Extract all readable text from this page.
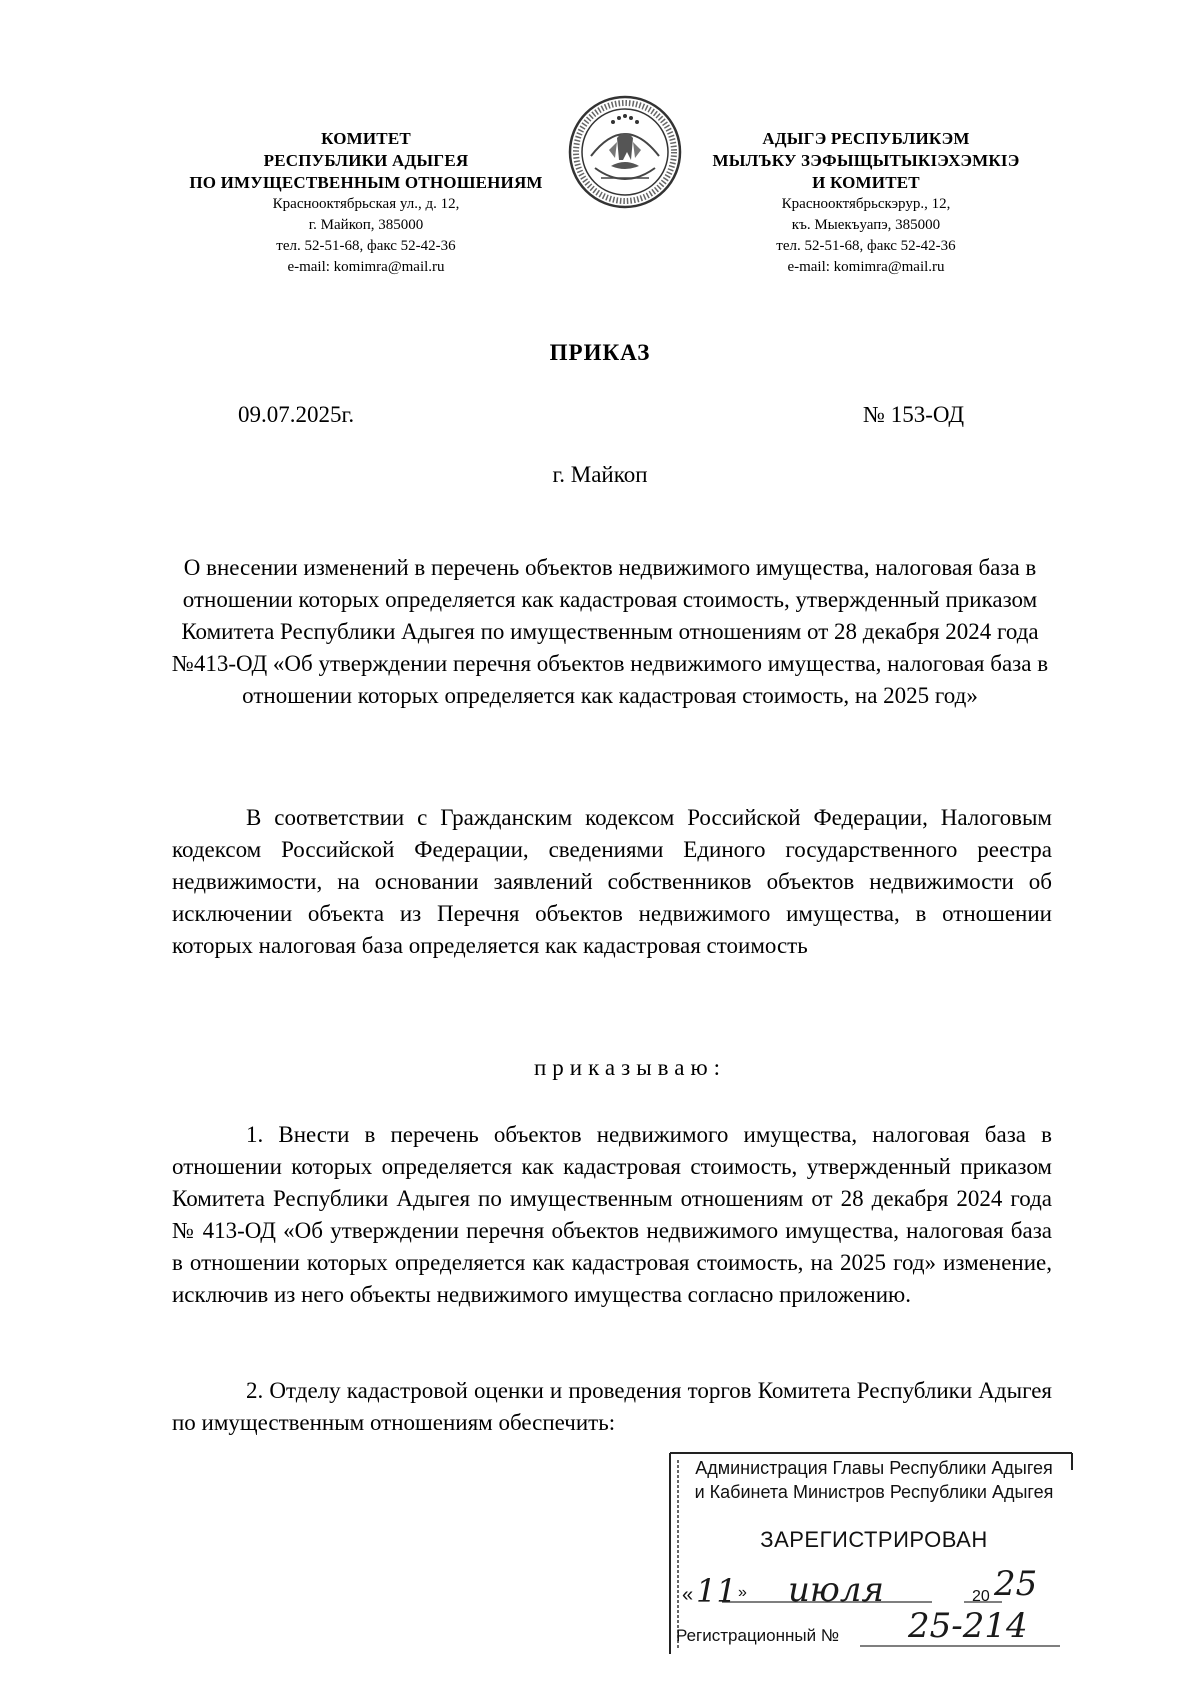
КОМИТЕТ
РЕСПУБЛИКИ АДЫГЕЯ
ПО ИМУЩЕСТВЕННЫМ ОТНОШЕНИЯМ
Краснооктябрьская ул., д. 12,
г. Майкоп, 385000
тел. 52-51-68, факс 52-42-36
e-mail: komimra@mail.ru
АДЫГЭ РЕСПУБЛИКЭМ
МЫЛЪКУ ЗЭФЫЩЫТЫКIЭХЭМКIЭ
И КОМИТЕТ
Краснооктябрьскэрур., 12,
къ. Мыекъуапэ, 385000
тел. 52-51-68, факс 52-42-36
e-mail: komimra@mail.ru
ПРИКАЗ
09.07.2025г.	№ 153-ОД
г. Майкоп
О внесении изменений в перечень объектов недвижимого имущества, налоговая база в отношении которых определяется как кадастровая стоимость, утвержденный приказом Комитета Республики Адыгея по имущественным отношениям от 28 декабря 2024 года №413-ОД «Об утверждении перечня объектов недвижимого имущества, налоговая база в отношении которых определяется как кадастровая стоимость, на 2025 год»
В соответствии с Гражданским кодексом Российской Федерации, Налоговым кодексом Российской Федерации, сведениями Единого государственного реестра недвижимости, на основании заявлений собственников объектов недвижимости об исключении объекта из Перечня объектов недвижимого имущества, в отношении которых налоговая база определяется как кадастровая стоимость
приказываю:
1. Внести в перечень объектов недвижимого имущества, налоговая база в отношении которых определяется как кадастровая стоимость, утвержденный приказом Комитета Республики Адыгея по имущественным отношениям от 28 декабря 2024 года № 413-ОД «Об утверждении перечня объектов недвижимого имущества, налоговая база в отношении которых определяется как кадастровая стоимость, на 2025 год» изменение, исключив из него объекты недвижимого имущества согласно приложению.
2. Отделу кадастровой оценки и проведения торгов Комитета Республики Адыгея по имущественным отношениям обеспечить:
Администрация Главы Республики Адыгея
и Кабинета Министров Республики Адыгея
ЗАРЕГИСТРИРОВАН
« 11 » июля	20 25
Регистрационный № 25-214
